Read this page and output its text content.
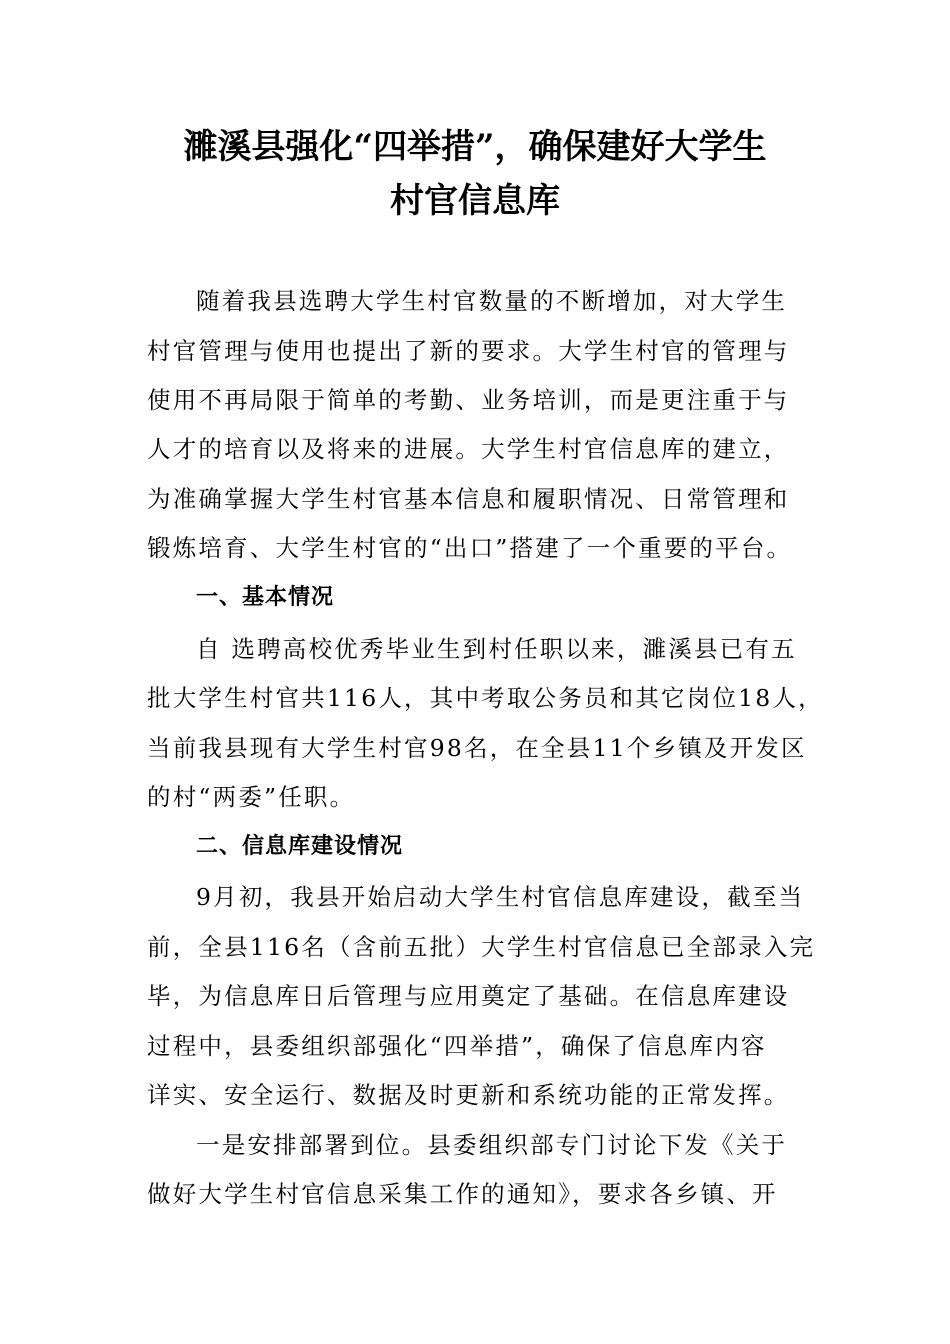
濉溪县强化“四举措”，确保建好大学生
村官信息库
随着我县选聘大学生村官数量的不断增加，对大学生
村官管理与使用也提出了新的要求。大学生村官的管理与
使用不再局限于简单的考勤、业务培训，而是更注重于与
人才的培育以及将来的进展。大学生村官信息库的建立，
为准确掌握大学生村官基本信息和履职情况、日常管理和
锻炼培育、大学生村官的“出口”搭建了一个重要的平台。
一、基本情况
自 选聘高校优秀毕业生到村任职以来，濉溪县已有五
批大学生村官共116人，其中考取公务员和其它岗位18人，
当前我县现有大学生村官98名，在全县11个乡镇及开发区
的村“两委”任职。
二、信息库建设情况
9月初，我县开始启动大学生村官信息库建设，截至当
前，全县116名（含前五批）大学生村官信息已全部录入完
毕，为信息库日后管理与应用奠定了基础。在信息库建设
过程中，县委组织部强化“四举措”，确保了信息库内容
详实、安全运行、数据及时更新和系统功能的正常发挥。
一是安排部署到位。县委组织部专门讨论下发《关于
做好大学生村官信息采集工作的通知》，要求各乡镇、开
